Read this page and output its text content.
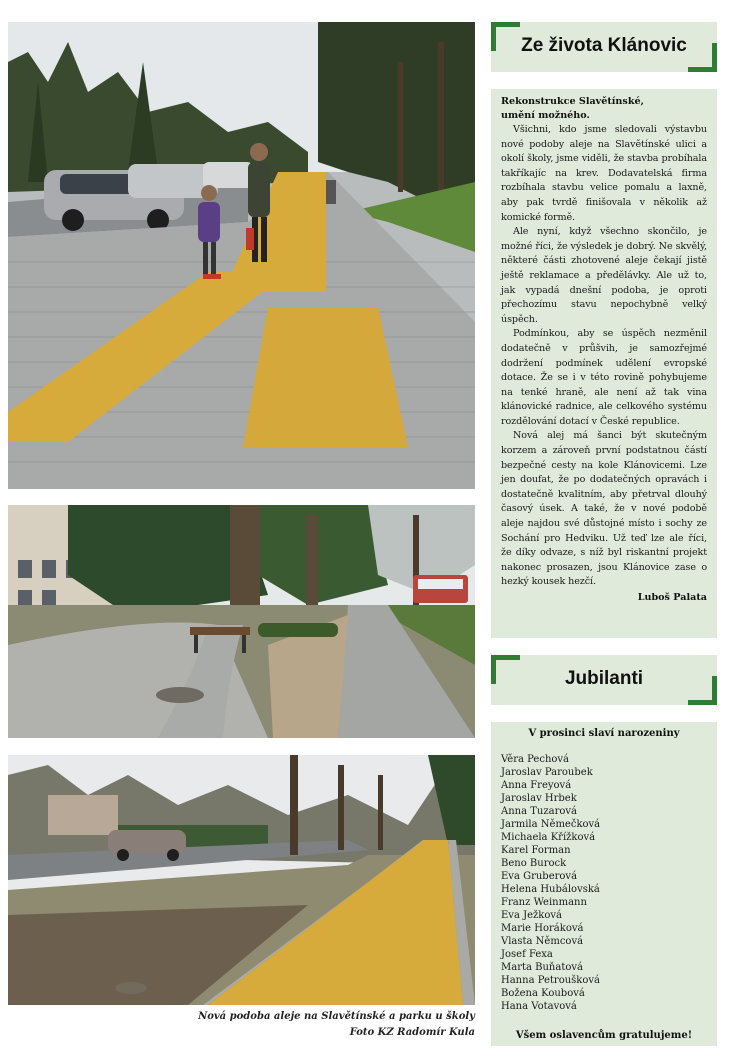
Nová podoba aleje na Slavětínské a parku u školy
Foto KZ Radomír Kula
Ze života Klánovic

Rekonstrukce Slavětínské,

umění možného.

Všichni, kdo jsme sledovali výstavbu nové podoby aleje na Slavětínské ulici a okolí školy, jsme viděli, že stavba probíhala takříkajíc na krev. Dodavatelská firma rozbíhala stavbu velice pomalu a laxně, aby pak tvrdě finišovala v několik až komické formě.

Ale nyní, když všechno skončilo, je možné říci, že výsledek je dobrý. Ne skvělý, některé části zhotovené aleje čekají jistě ještě reklamace a předělávky. Ale už to, jak vypadá dnešní podoba, je oproti přechozímu stavu nepochybně velký úspěch.

Podmínkou, aby se úspěch nezměnil dodatečně v průšvih, je samozřejmé dodržení podmínek udělení evropské dotace. Že se i v této rovině pohybujeme na tenké hraně, ale není až tak vina klánovické radnice, ale celkového systému rozdělování dotací v České republice.

Nová alej má šanci být skutečným korzem a zároveň první podstatnou částí bezpečné cesty na kole Klánovicemi. Lze jen doufat, že po dodatečných opravách i dostatečně kvalitním, aby přetrval dlouhý časový úsek. A také, že v nové podobě aleje najdou své důstojné místo i sochy ze Sochání pro Hedviku. Už teď lze ale říci, že díky odvaze, s níž byl riskantní projekt nakonec prosazen, jsou Klánovice zase o hezký kousek hezčí.

Luboš Palata
Jubilanti

V prosinci slaví narozeniny

Věra Pechová
Jaroslav Paroubek
Anna Freyová
Jaroslav Hrbek
Anna Tuzarová
Jarmila Němečková
Michaela Křížková
Karel Forman
Beno Burock
Eva Gruberová
Helena Hubálovská
Franz Weinmann
Eva Ježková
Marie Horáková
Vlasta Němcová
Josef Fexa
Marta Buňatová
Hanna Petroušková
Božena Koubová
Hana Votavová
Všem oslavencům gratulujeme!
